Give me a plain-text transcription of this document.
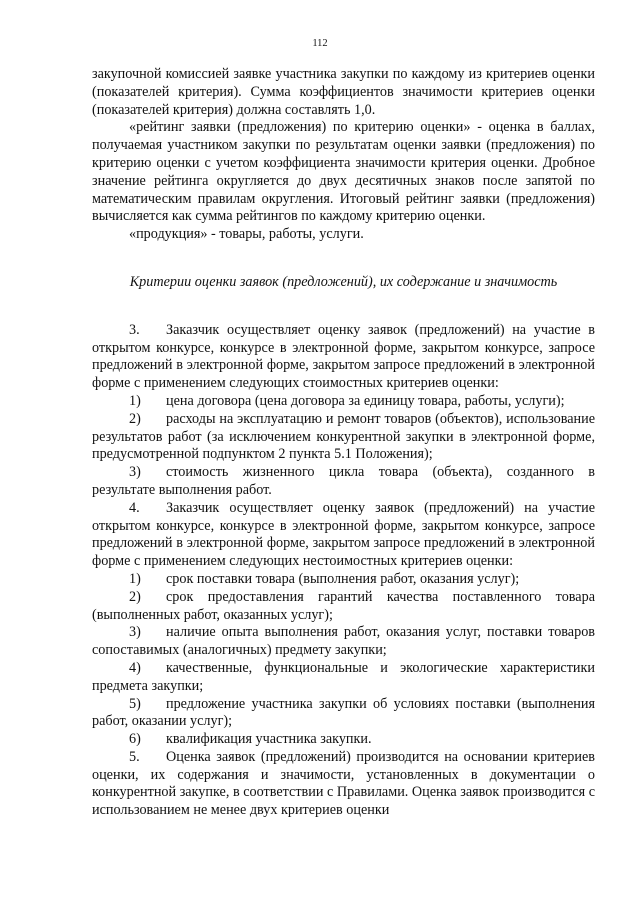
112

закупочной комиссией заявке участника закупки по каждому из критериев оценки (показателей критерия). Сумма коэффициентов значимости критериев оценки (показателей критерия) должна составлять 1,0.

«рейтинг заявки (предложения) по критерию оценки» - оценка в баллах, получаемая участником закупки по результатам оценки заявки (предложения) по критерию оценки с учетом коэффициента значимости критерия оценки. Дробное значение рейтинга округляется до двух десятичных знаков после запятой по математическим правилам округления. Итоговый рейтинг заявки (предложения) вычисляется как сумма рейтингов по каждому критерию оценки.

«продукция» - товары, работы, услуги.

Критерии оценки заявок (предложений), их содержание и значимость

3. Заказчик осуществляет оценку заявок (предложений) на участие в открытом конкурсе, конкурсе в электронной форме, закрытом конкурсе, запросе предложений в электронной форме, закрытом запросе предложений в электронной форме с применением следующих стоимостных критериев оценки:

1) цена договора (цена договора за единицу товара, работы, услуги);

2) расходы на эксплуатацию и ремонт товаров (объектов), использование результатов работ (за исключением конкурентной закупки в электронной форме, предусмотренной подпунктом 2 пункта 5.1 Положения);

3) стоимость жизненного цикла товара (объекта), созданного в результате выполнения работ.

4. Заказчик осуществляет оценку заявок (предложений) на участие открытом конкурсе, конкурсе в электронной форме, закрытом конкурсе, запросе предложений в электронной форме, закрытом запросе предложений в электронной форме с применением следующих нестоимостных критериев оценки:

1) срок поставки товара (выполнения работ, оказания услуг);

2) срок предоставления гарантий качества поставленного товара (выполненных работ, оказанных услуг);

3) наличие опыта выполнения работ, оказания услуг, поставки товаров сопоставимых (аналогичных) предмету закупки;

4) качественные, функциональные и экологические характеристики предмета закупки;

5) предложение участника закупки об условиях поставки (выполнения работ, оказании услуг);

6) квалификация участника закупки.

5. Оценка заявок (предложений) производится на основании критериев оценки, их содержания и значимости, установленных в документации о конкурентной закупке, в соответствии с Правилами. Оценка заявок производится с использованием не менее двух критериев оценки
